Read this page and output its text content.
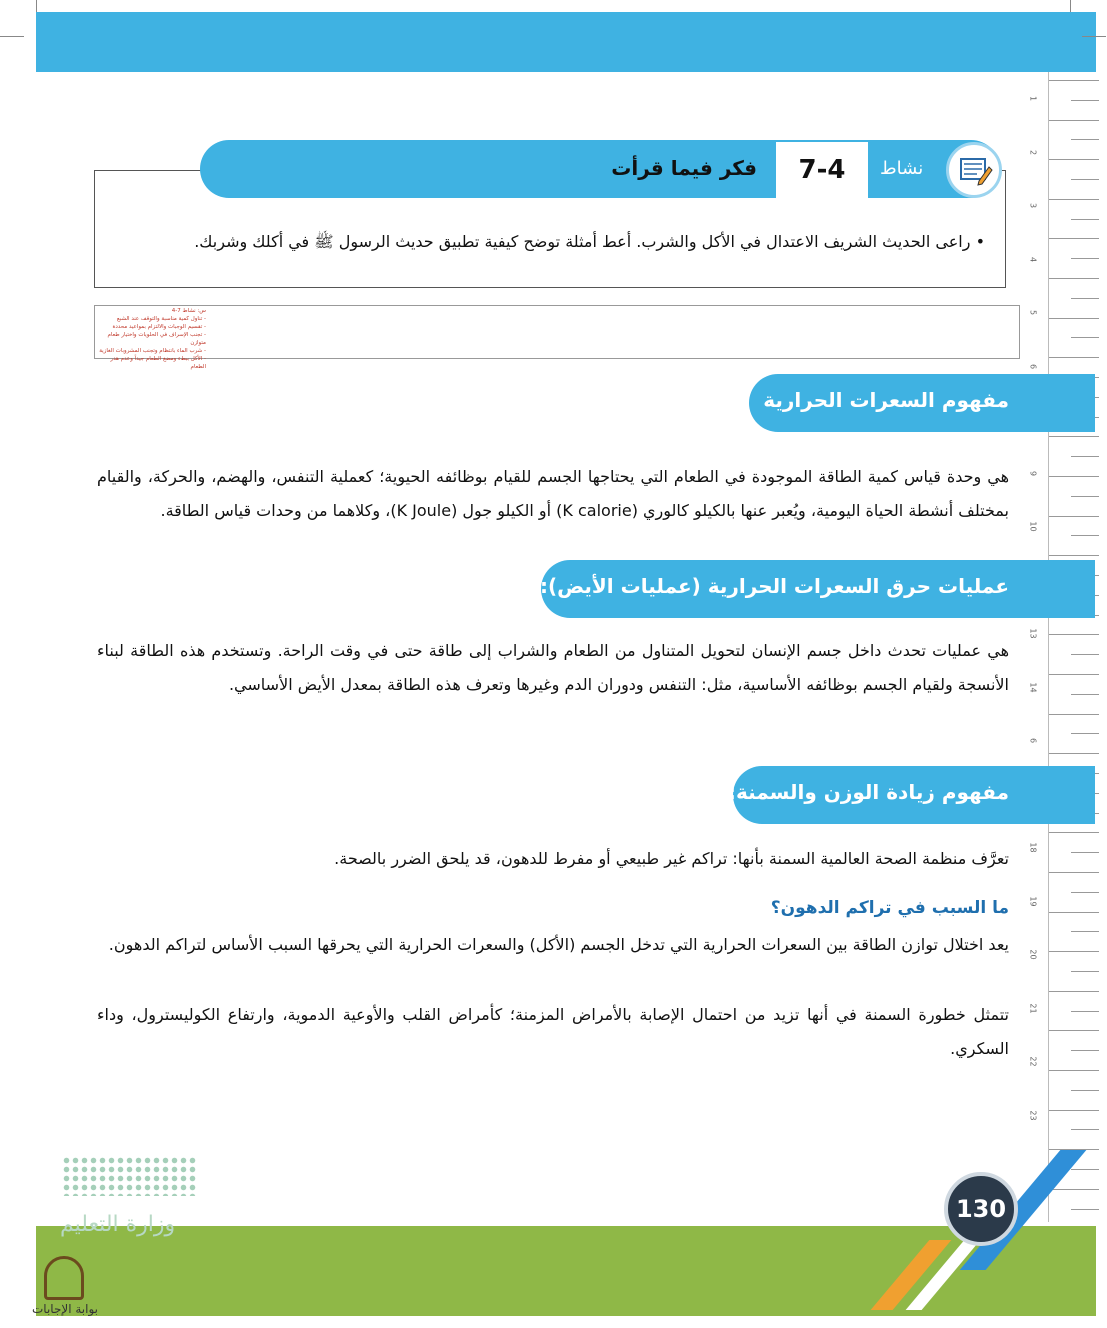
1
2
3
4
5
6
9
10
13
14
6
18
19
20
21
22
23
7-4
فكر فيما قرأت	نشاط
• راعى الحديث الشريف الاعتدال في الأكل والشرب. أعط أمثلة توضح كيفية تطبيق حديث الرسول ﷺ في أكلك وشربك.
س: نشاط 7-4
- تناول كمية مناسبة والتوقف عند الشبع
- تقسيم الوجبات والالتزام بمواعيد محددة
- تجنب الإسراف في الحلويات واختيار طعام متوازن
- شرب الماء بانتظام وتجنب المشروبات الغازية
- الأكل ببطء ومضغ الطعام جيداً وعدم هدر الطعام
مفهوم السعرات الحرارية
هي وحدة قياس كمية الطاقة الموجودة في الطعام التي يحتاجها الجسم للقيام بوظائفه الحيوية؛ كعملية التنفس، والهضم، والحركة، والقيام بمختلف أنشطة الحياة اليومية، ويُعبر عنها بالكيلو كالوري (K calorie) أو الكيلو جول (K Joule)، وكلاهما من وحدات قياس الطاقة.
عمليات حرق السعرات الحرارية (عمليات الأيض):
هي عمليات تحدث داخل جسم الإنسان لتحويل المتناول من الطعام والشراب إلى طاقة حتى في وقت الراحة. وتستخدم هذه الطاقة لبناء الأنسجة ولقيام الجسم بوظائفه الأساسية، مثل: التنفس ودوران الدم وغيرها وتعرف هذه الطاقة بمعدل الأيض الأساسي.
مفهوم زيادة الوزن والسمنة:
تعرَّف منظمة الصحة العالمية السمنة بأنها: تراكم غير طبيعي أو مفرط للدهون، قد يلحق الضرر بالصحة.
ما السبب في تراكم الدهون؟
يعد اختلال توازن الطاقة بين السعرات الحرارية التي تدخل الجسم (الأكل) والسعرات الحرارية التي يحرقها السبب الأساس لتراكم الدهون.
تتمثل خطورة السمنة في أنها تزيد من احتمال الإصابة بالأمراض المزمنة؛ كأمراض القلب والأوعية الدموية، وارتفاع الكوليسترول، وداء السكري.
130
وزارة التعليم
بوابة الإجابات
